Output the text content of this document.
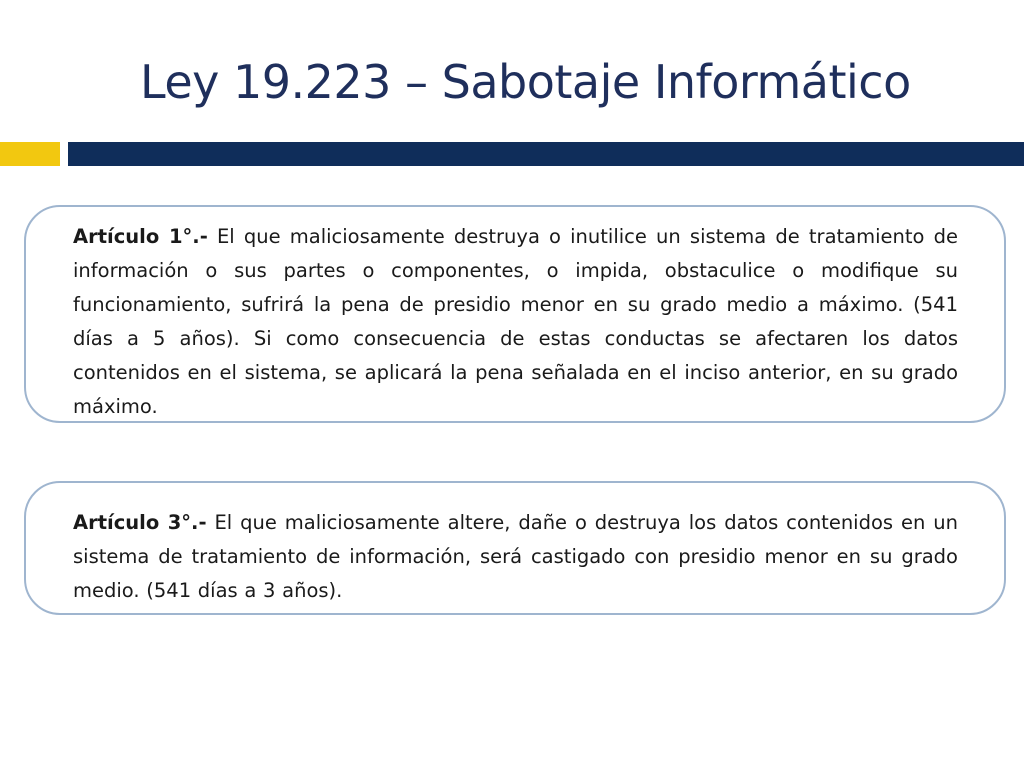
Ley 19.223 – Sabotaje Informático

Artículo 1°.- El que maliciosamente destruya o inutilice un sistema de tratamiento de información o sus partes o componentes, o impida, obstaculice o modifique su funcionamiento, sufrirá la pena de presidio menor en su grado medio a máximo. (541 días a 5 años). Si como consecuencia de estas conductas se afectaren los datos contenidos en el sistema, se aplicará la pena señalada en el inciso anterior, en su grado máximo.

Artículo 3°.- El que maliciosamente altere, dañe o destruya los datos contenidos en un sistema de tratamiento de información, será castigado con presidio menor en su grado medio. (541 días a 3 años).
